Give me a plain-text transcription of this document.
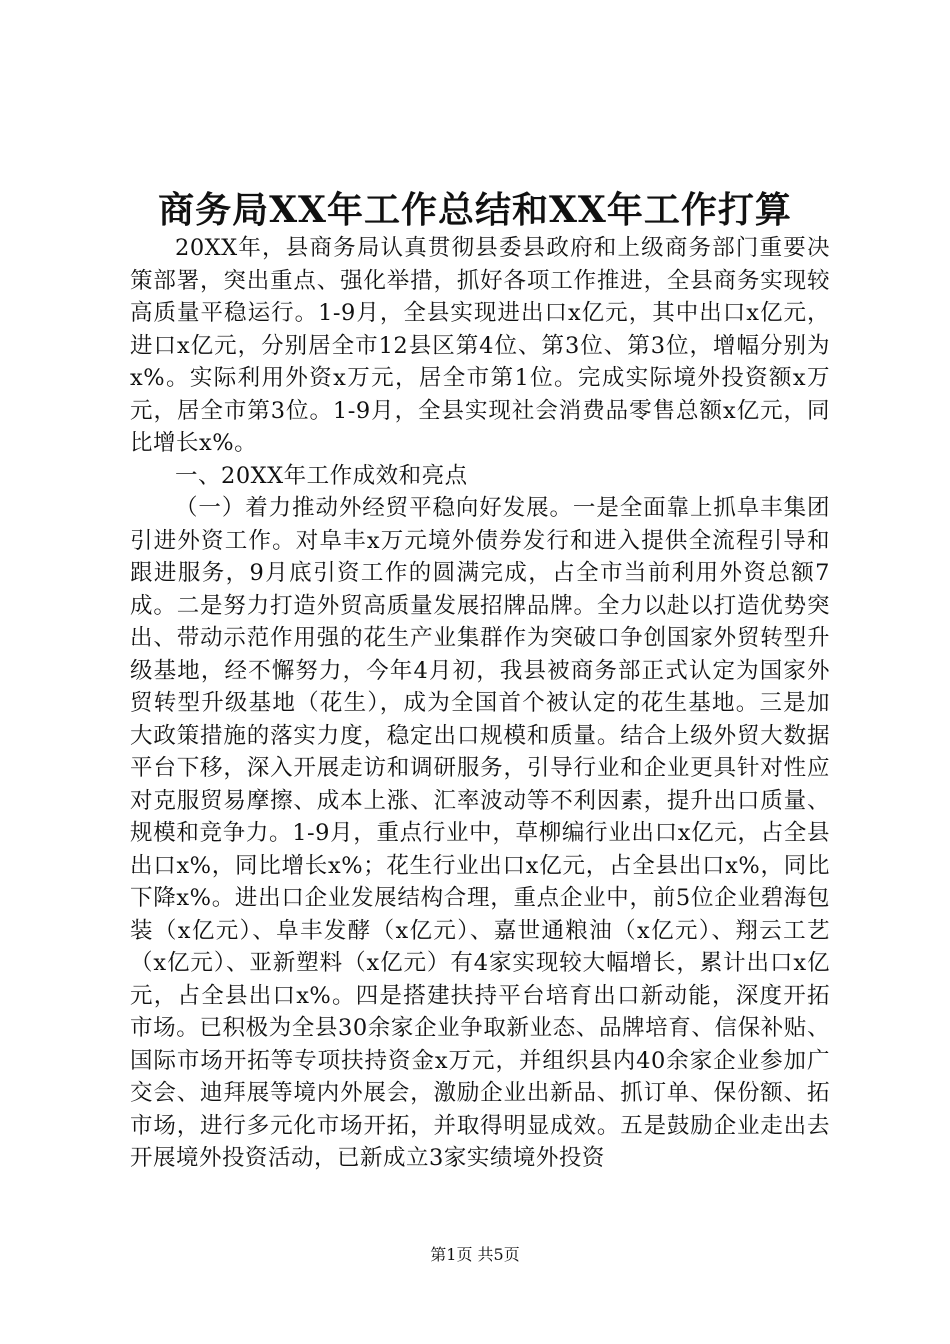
商务局XX年工作总结和XX年工作打算

20XX年，县商务局认真贯彻县委县政府和上级商务部门重要决策部署，突出重点、强化举措，抓好各项工作推进，全县商务实现较高质量平稳运行。1-9月，全县实现进出口x亿元，其中出口x亿元，进口x亿元，分别居全市12县区第4位、第3位、第3位，增幅分别为x%。实际利用外资x万元，居全市第1位。完成实际境外投资额x万元，居全市第3位。1-9月，全县实现社会消费品零售总额x亿元，同比增长x%。

一、20XX年工作成效和亮点

（一）着力推动外经贸平稳向好发展。一是全面靠上抓阜丰集团引进外资工作。对阜丰x万元境外债券发行和进入提供全流程引导和跟进服务，9月底引资工作的圆满完成，占全市当前利用外资总额7成。二是努力打造外贸高质量发展招牌品牌。全力以赴以打造优势突出、带动示范作用强的花生产业集群作为突破口争创国家外贸转型升级基地，经不懈努力，今年4月初，我县被商务部正式认定为国家外贸转型升级基地（花生），成为全国首个被认定的花生基地。三是加大政策措施的落实力度，稳定出口规模和质量。结合上级外贸大数据平台下移，深入开展走访和调研服务，引导行业和企业更具针对性应对克服贸易摩擦、成本上涨、汇率波动等不利因素，提升出口质量、规模和竞争力。1-9月，重点行业中，草柳编行业出口x亿元，占全县出口x%，同比增长x%；花生行业出口x亿元，占全县出口x%，同比下降x%。进出口企业发展结构合理，重点企业中，前5位企业碧海包装（x亿元）、阜丰发酵（x亿元）、嘉世通粮油（x亿元）、翔云工艺（x亿元）、亚新塑料（x亿元）有4家实现较大幅增长，累计出口x亿元，占全县出口x%。四是搭建扶持平台培育出口新动能，深度开拓市场。已积极为全县30余家企业争取新业态、品牌培育、信保补贴、国际市场开拓等专项扶持资金x万元，并组织县内40余家企业参加广交会、迪拜展等境内外展会，激励企业出新品、抓订单、保份额、拓市场，进行多元化市场开拓，并取得明显成效。五是鼓励企业走出去开展境外投资活动，已新成立3家实绩境外投资

第1页 共5页
